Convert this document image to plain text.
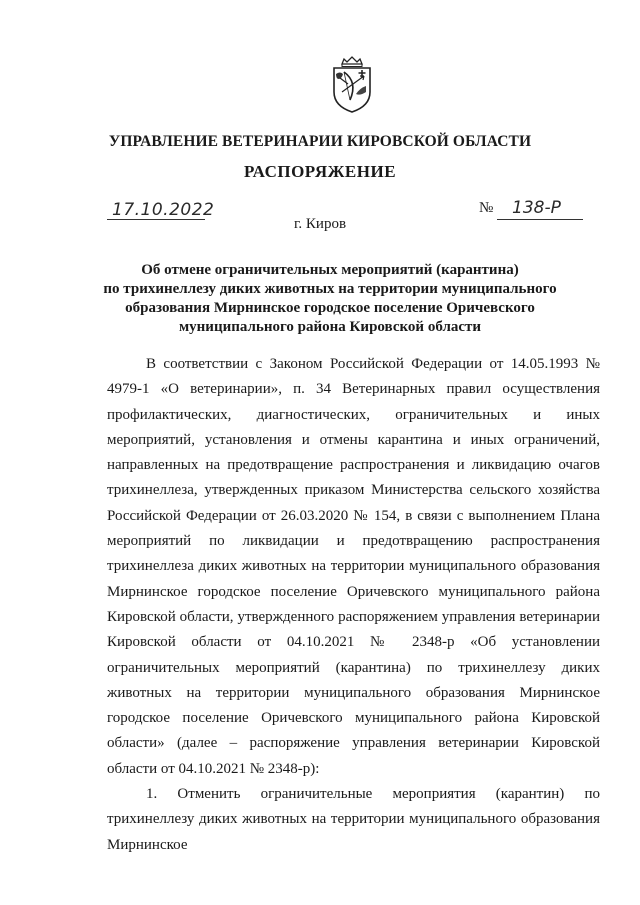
УПРАВЛЕНИЕ ВЕТЕРИНАРИИ КИРОВСКОЙ ОБЛАСТИ
РАСПОРЯЖЕНИЕ
17.10.2022	№ 138-Р
г. Киров
Об отмене ограничительных мероприятий (карантина)
по трихинеллезу диких животных на территории муниципального
образования Мирнинское городское поселение Оричевского
муниципального района Кировской области

В соответствии с Законом Российской Федерации от 14.05.1993 № 4979-1 «О ветеринарии», п. 34 Ветеринарных правил осуществления профилактических, диагностических, ограничительных и иных мероприятий, установления и отмены карантина и иных ограничений, направленных на предотвращение распространения и ликвидацию очагов трихинеллеза, утвержденных приказом Министерства сельского хозяйства Российской Федерации от 26.03.2020 № 154, в связи с выполнением Плана мероприятий по ликвидации и предотвращению распространения трихинеллеза диких животных на территории муниципального образования Мирнинское городское поселение Оричевского муниципального района Кировской области, утвержденного распоряжением управления ветеринарии Кировской области от 04.10.2021 № 2348-р «Об установлении ограничительных мероприятий (карантина) по трихинеллезу диких животных на территории муниципального образования Мирнинское городское поселение Оричевского муниципального района Кировской области» (далее – распоряжение управления ветеринарии Кировской области от 04.10.2021 № 2348-р):

1. Отменить ограничительные мероприятия (карантин) по трихинеллезу диких животных на территории муниципального образования Мирнинское
